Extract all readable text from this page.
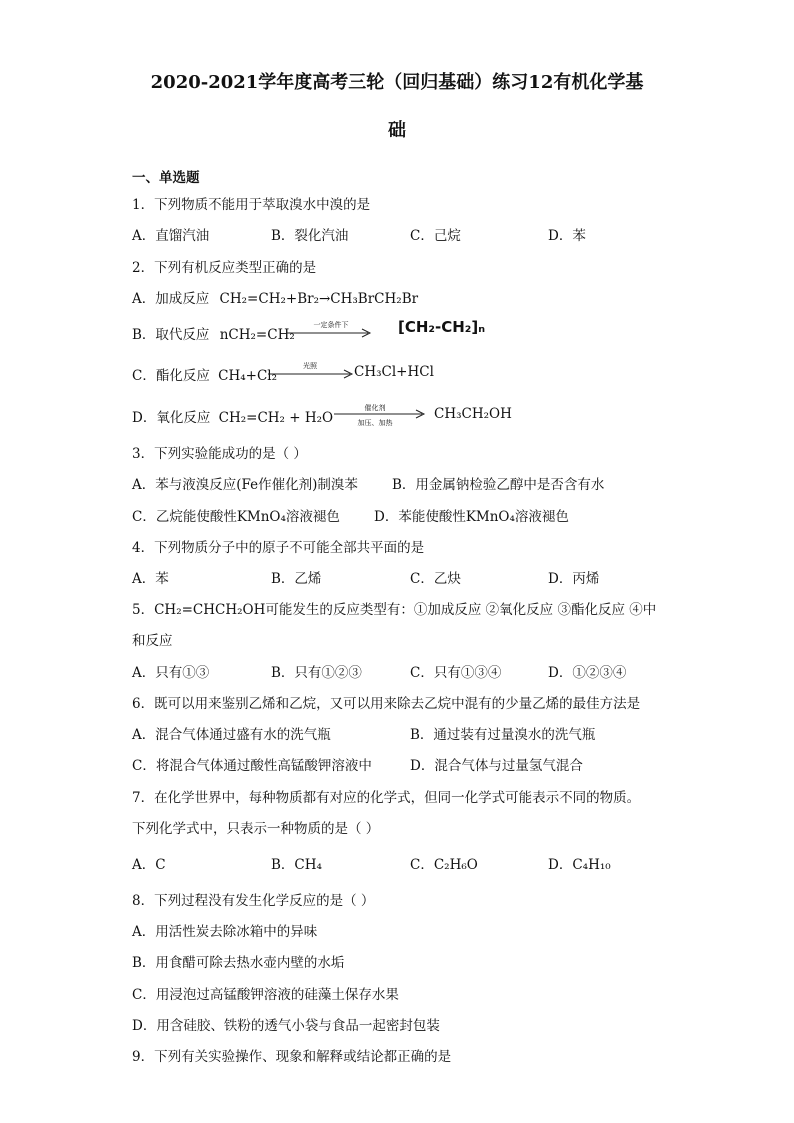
2020-2021学年度高考三轮（回归基础）练习12有机化学基
础
一、单选题
1．下列物质不能用于萃取溴水中溴的是
A．直馏汽油	B．裂化汽油	C．己烷	D．苯
2．下列有机反应类型正确的是
A．加成反应 CH₂=CH₂+Br₂→CH₃BrCH₂Br
B．取代反应 nCH₂=CH₂
一定条件下	[CH₂-CH₂]ₙ
C．酯化反应 CH₄+Cl₂
光照	CH₃Cl+HCl
D．氧化反应 CH₂=CH₂ + H₂O
催化剂
加压、加热
CH₃CH₂OH
3．下列实验能成功的是（ ）
A．苯与液溴反应(Fe作催化剂)制溴苯	B．用金属钠检验乙醇中是否含有水
C．乙烷能使酸性KMnO₄溶液褪色	D．苯能使酸性KMnO₄溶液褪色
4．下列物质分子中的原子不可能全部共平面的是
A．苯	B．乙烯	C．乙炔	D．丙烯
5．CH₂=CHCH₂OH可能发生的反应类型有：①加成反应 ②氧化反应 ③酯化反应 ④中
和反应
A．只有①③	B．只有①②③	C．只有①③④	D．①②③④
6．既可以用来鉴别乙烯和乙烷，又可以用来除去乙烷中混有的少量乙烯的最佳方法是
A．混合气体通过盛有水的洗气瓶	B．通过装有过量溴水的洗气瓶
C．将混合气体通过酸性高锰酸钾溶液中	D．混合气体与过量氢气混合
7．在化学世界中，每种物质都有对应的化学式，但同一化学式可能表示不同的物质。
下列化学式中，只表示一种物质的是（ ）
A．C	B．CH₄	C．C₂H₆O	D．C₄H₁₀
8．下列过程没有发生化学反应的是（ ）
A．用活性炭去除冰箱中的异味
B．用食醋可除去热水壶内壁的水垢
C．用浸泡过高锰酸钾溶液的硅藻土保存水果
D．用含硅胶、铁粉的透气小袋与食品一起密封包装
9．下列有关实验操作、现象和解释或结论都正确的是
